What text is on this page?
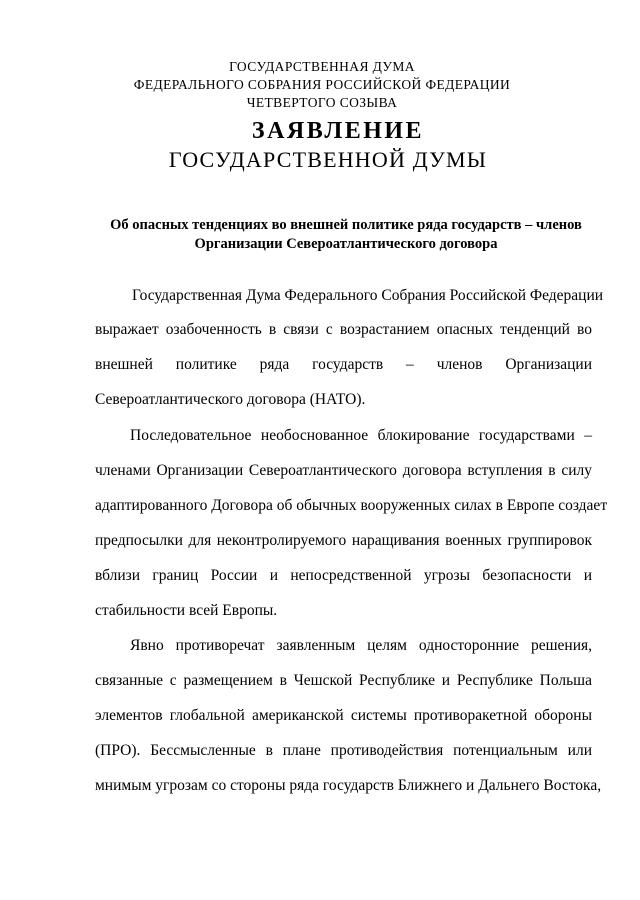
ГОСУДАРСТВЕННАЯ ДУМА
ФЕДЕРАЛЬНОГО СОБРАНИЯ РОССИЙСКОЙ ФЕДЕРАЦИИ
ЧЕТВЕРТОГО СОЗЫВА
ЗАЯВЛЕНИЕ
ГОСУДАРСТВЕННОЙ ДУМЫ
Об опасных тенденциях во внешней политике ряда государств – членов
Организации Североатлантического договора
Государственная Дума Федерального Собрания Российской Федерации
выражает озабоченность в связи с возрастанием опасных тенденций во
внешней политике ряда государств – членов Организации
Североатлантического договора (НАТО).
Последовательное необоснованное блокирование государствами –
членами Организации Североатлантического договора вступления в силу
адаптированного Договора об обычных вооруженных силах в Европе создает
предпосылки для неконтролируемого наращивания военных группировок
вблизи границ России и непосредственной угрозы безопасности и
стабильности всей Европы.
Явно противоречат заявленным целям односторонние решения,
связанные с размещением в Чешской Республике и Республике Польша
элементов глобальной американской системы противоракетной обороны
(ПРО). Бессмысленные в плане противодействия потенциальным или
мнимым угрозам со стороны ряда государств Ближнего и Дальнего Востока,
